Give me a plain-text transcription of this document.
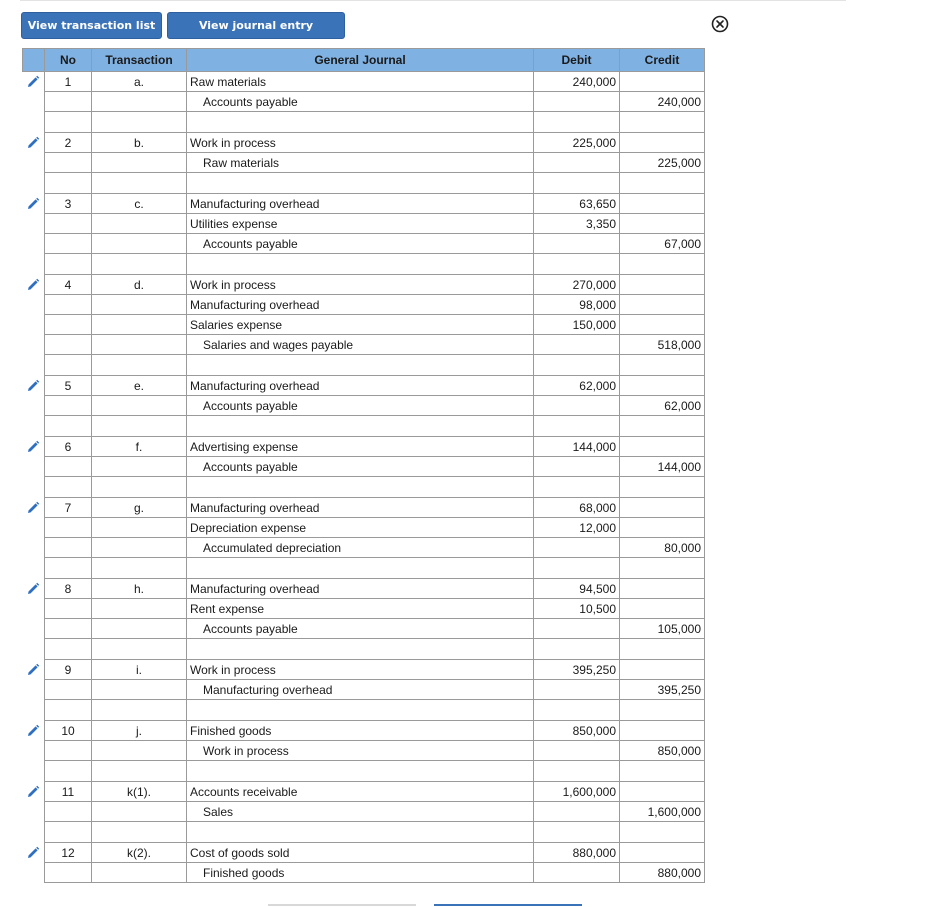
View transaction list	View journal entry
	No	Transaction	General Journal	Debit	Credit
	1	a.	Raw materials	240,000	
			Accounts payable		240,000

	2	b.	Work in process	225,000	
			Raw materials		225,000

	3	c.	Manufacturing overhead	63,650	
			Utilities expense	3,350	
			Accounts payable		67,000

	4	d.	Work in process	270,000	
			Manufacturing overhead	98,000	
			Salaries expense	150,000	
			Salaries and wages payable		518,000

	5	e.	Manufacturing overhead	62,000	
			Accounts payable		62,000

	6	f.	Advertising expense	144,000	
			Accounts payable		144,000

	7	g.	Manufacturing overhead	68,000	
			Depreciation expense	12,000	
			Accumulated depreciation		80,000

	8	h.	Manufacturing overhead	94,500	
			Rent expense	10,500	
			Accounts payable		105,000

	9	i.	Work in process	395,250	
			Manufacturing overhead		395,250

	10	j.	Finished goods	850,000	
			Work in process		850,000

	11	k(1).	Accounts receivable	1,600,000	
			Sales		1,600,000

	12	k(2).	Cost of goods sold	880,000	
			Finished goods		880,000
